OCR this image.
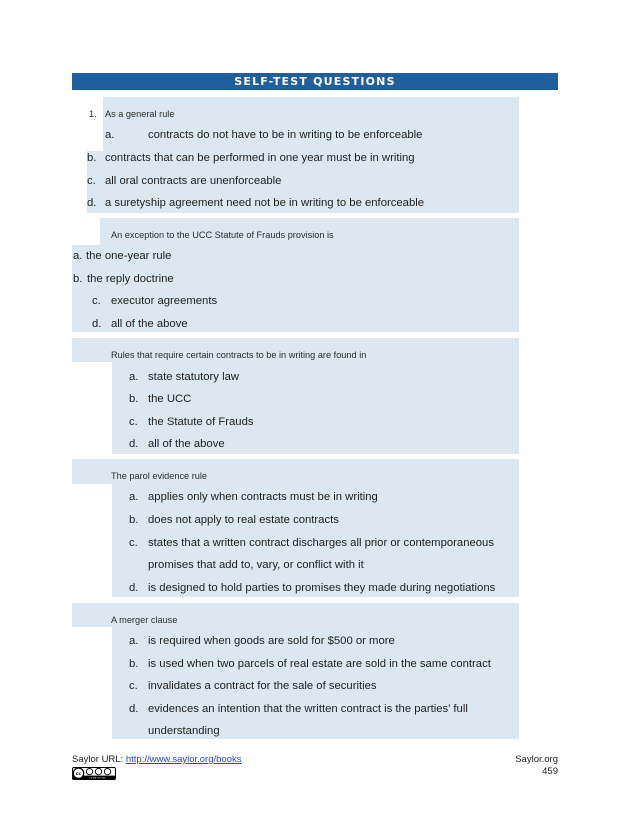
SELF-TEST QUESTIONS
1. As a general rule
a.	contracts do not have to be in writing to be enforceable
b. contracts that can be performed in one year must be in writing
c. all oral contracts are unenforceable
d. a suretyship agreement need not be in writing to be enforceable
An exception to the UCC Statute of Frauds provision is
a. the one-year rule
b. the reply doctrine
c. executor agreements
d. all of the above
Rules that require certain contracts to be in writing are found in
a. state statutory law
b. the UCC
c. the Statute of Frauds
d. all of the above
The parol evidence rule
a. applies only when contracts must be in writing
b. does not apply to real estate contracts
c. states that a written contract discharges all prior or contemporaneous
promises that add to, vary, or conflict with it
d. is designed to hold parties to promises they made during negotiations
A merger clause
a. is required when goods are sold for $500 or more
b. is used when two parcels of real estate are sold in the same contract
c. invalidates a contract for the sale of securities
d. evidences an intention that the written contract is the parties’ full
understanding
Saylor URL: http://www.saylor.org/books	Saylor.org
459
cc
cc by nc sa
